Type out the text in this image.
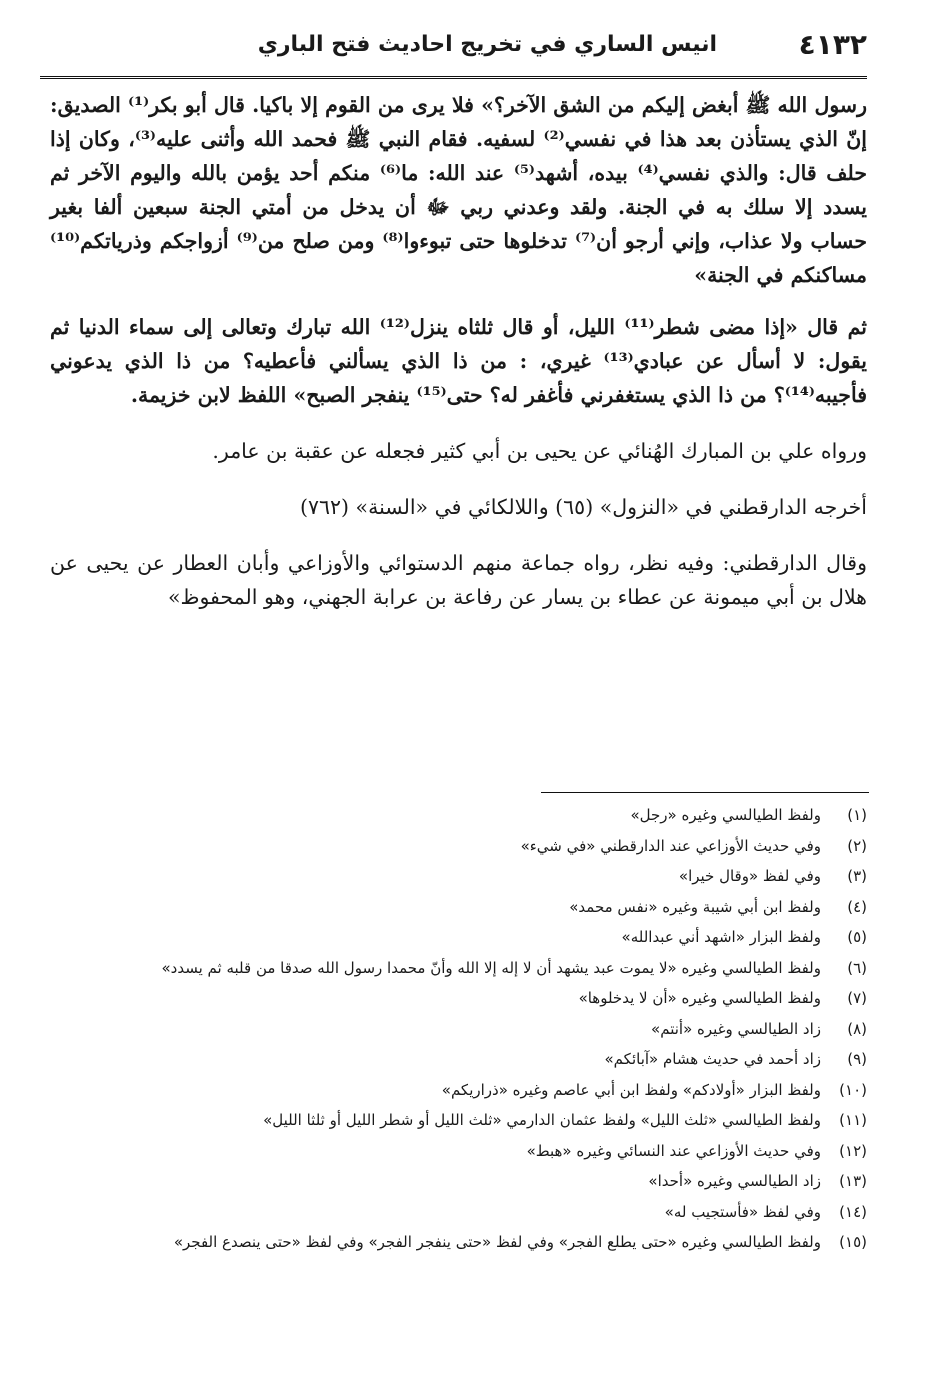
٤١٣٢
انيس الساري في تخريج احاديث فتح الباري

رسول الله ﷺ أبغض إليكم من الشق الآخر؟» فلا يرى من القوم إلا باكيا. قال أبو بكر⁽¹⁾ الصديق: إنّ الذي يستأذن بعد هذا في نفسي⁽²⁾ لسفيه. فقام النبي ﷺ فحمد الله وأثنى عليه⁽³⁾، وكان إذا حلف قال: والذي نفسي⁽⁴⁾ بيده، أشهد⁽⁵⁾ عند الله: ما⁽⁶⁾ منكم أحد يؤمن بالله واليوم الآخر ثم يسدد إلا سلك به في الجنة. ولقد وعدني ربي ﷻ أن يدخل من أمتي الجنة سبعين ألفا بغير حساب ولا عذاب، وإني أرجو أن⁽⁷⁾ تدخلوها حتى تبوءوا⁽⁸⁾ ومن صلح من⁽⁹⁾ أزواجكم وذرياتكم⁽¹⁰⁾ مساكنكم في الجنة»

ثم قال «إذا مضى شطر⁽¹¹⁾ الليل، أو قال ثلثاه ينزل⁽¹²⁾ الله تبارك وتعالى إلى سماء الدنيا ثم يقول: لا أسأل عن عبادي⁽¹³⁾ غيري، : من ذا الذي يسألني فأعطيه؟ من ذا الذي يدعوني فأجيبه⁽¹⁴⁾؟ من ذا الذي يستغفرني فأغفر له؟ حتى⁽¹⁵⁾ ينفجر الصبح» اللفظ لابن خزيمة.

ورواه علي بن المبارك الهُنائي عن يحيى بن أبي كثير فجعله عن عقبة بن عامر.

أخرجه الدارقطني في «النزول» (٦٥) واللالكائي في «السنة» (٧٦٢)

وقال الدارقطني: وفيه نظر، رواه جماعة منهم الدستوائي والأوزاعي وأبان العطار عن يحيى عن هلال بن أبي ميمونة عن عطاء بن يسار عن رفاعة بن عرابة الجهني، وهو المحفوظ»

(١)
ولفظ الطيالسي وغيره «رجل»
(٢)
وفي حديث الأوزاعي عند الدارقطني «في شيء»
(٣)
وفي لفظ «وقال خيرا»
(٤)
ولفظ ابن أبي شيبة وغيره «نفس محمد»
(٥)
ولفظ البزار «اشهد أني عبدالله»
(٦)
ولفظ الطيالسي وغيره «لا يموت عبد يشهد أن لا إله إلا الله وأنّ محمدا رسول الله صدقا من قلبه ثم يسدد»
(٧)
ولفظ الطيالسي وغيره «أن لا يدخلوها»
(٨)
زاد الطيالسي وغيره «أنتم»
(٩)
زاد أحمد في حديث هشام «آبائكم»
(١٠)
ولفظ البزار «أولادكم» ولفظ ابن أبي عاصم وغيره «ذراريكم»
(١١)
ولفظ الطيالسي «ثلث الليل» ولفظ عثمان الدارمي «ثلث الليل أو شطر الليل أو ثلثا الليل»
(١٢)
وفي حديث الأوزاعي عند النسائي وغيره «هبط»
(١٣)
زاد الطيالسي وغيره «أحدا»
(١٤)
وفي لفظ «فأستجيب له»
(١٥)
ولفظ الطيالسي وغيره «حتى يطلع الفجر» وفي لفظ «حتى ينفجر الفجر» وفي لفظ «حتى ينصدع الفجر»
